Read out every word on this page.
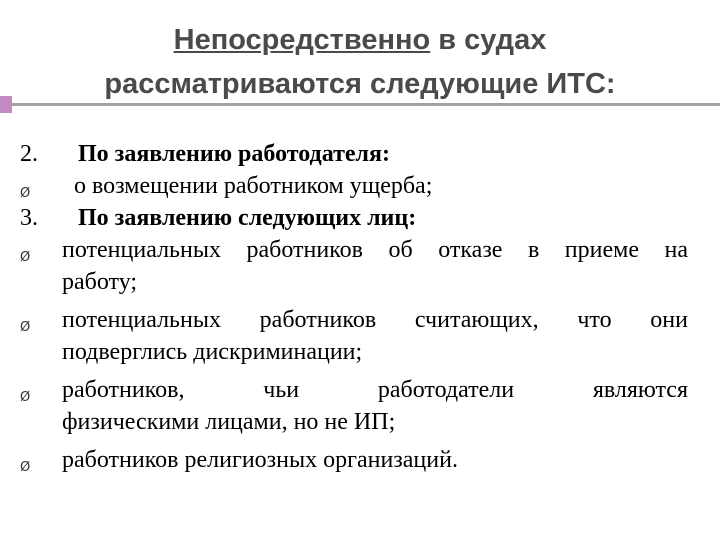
Непосредственно в судах
рассматриваются следующие ИТС:
2.	По заявлению работодателя:
Ø	о возмещении работником ущерба;
3.	По заявлению следующих лиц:
Ø	потенциальных работников об отказе в приеме на
работу;
Ø	потенциальных работников считающих, что они
подверглись дискриминации;
Ø	работников, чьи работодатели являются
физическими лицами, но не ИП;
Ø	работников религиозных организаций.
